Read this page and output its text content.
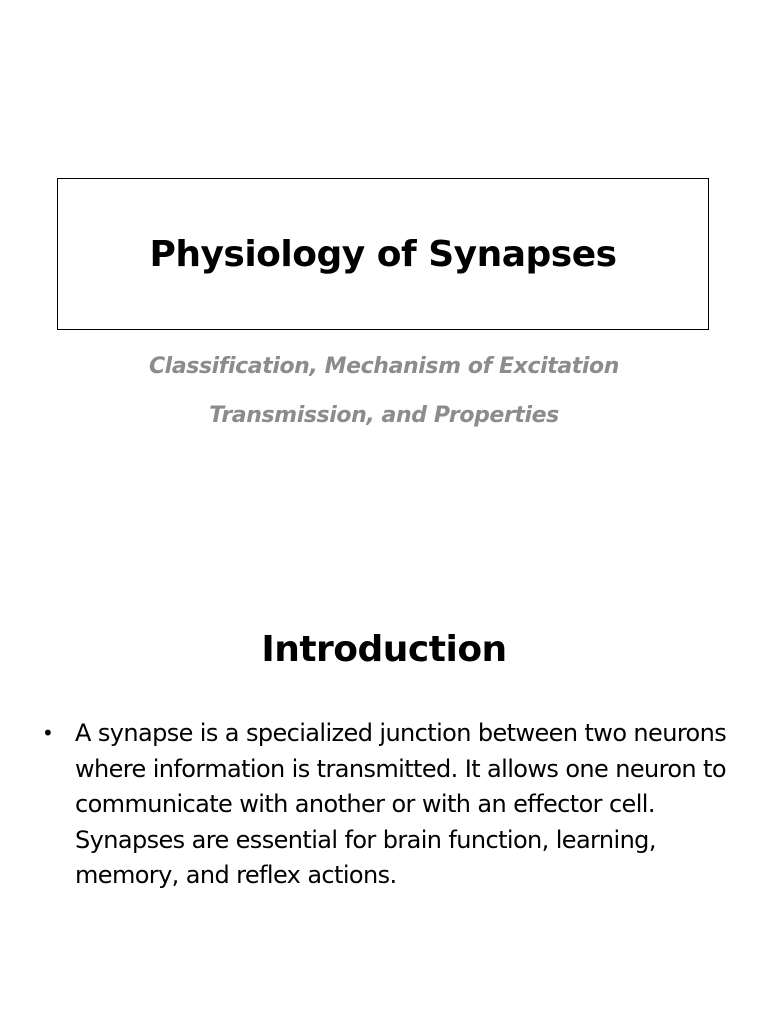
Physiology of Synapses
Classification, Mechanism of Excitation
Transmission, and Properties
Introduction
• A synapse is a specialized junction between two neurons where information is transmitted. It allows one neuron to communicate with another or with an effector cell. Synapses are essential for brain function, learning, memory, and reflex actions.
